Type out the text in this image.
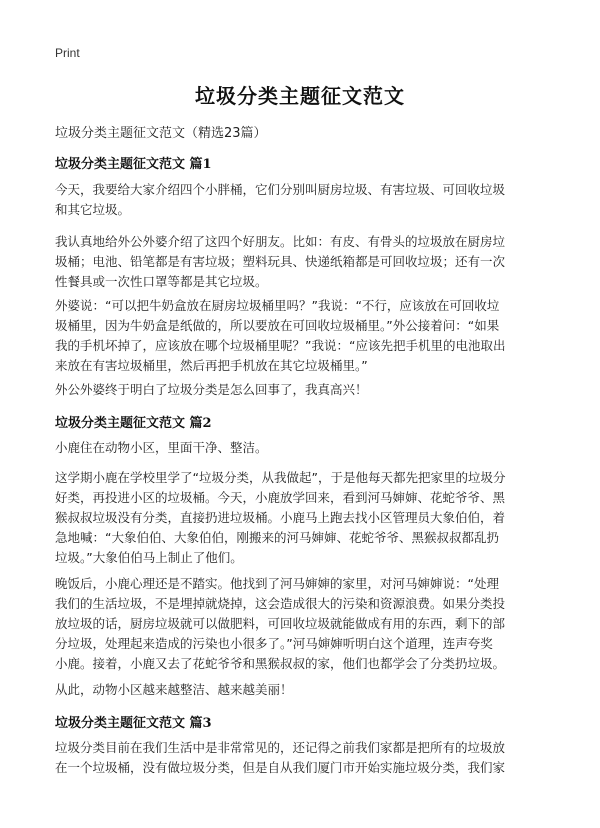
Print
垃圾分类主题征文范文
垃圾分类主题征文范文（精选23篇）
垃圾分类主题征文范文 篇1
今天，我要给大家介绍四个小胖桶，它们分别叫厨房垃圾、有害垃圾、可回收垃圾
和其它垃圾。
我认真地给外公外婆介绍了这四个好朋友。比如：有皮、有骨头的垃圾放在厨房垃
圾桶；电池、铅笔都是有害垃圾；塑料玩具、快递纸箱都是可回收垃圾；还有一次
性餐具或一次性口罩等都是其它垃圾。
外婆说：“可以把牛奶盒放在厨房垃圾桶里吗？”我说：“不行，应该放在可回收垃
圾桶里，因为牛奶盒是纸做的，所以要放在可回收垃圾桶里。”外公接着问：“如果
我的手机坏掉了，应该放在哪个垃圾桶里呢？”我说：“应该先把手机里的电池取出
来放在有害垃圾桶里，然后再把手机放在其它垃圾桶里。”
外公外婆终于明白了垃圾分类是怎么回事了，我真高兴！
垃圾分类主题征文范文 篇2
小鹿住在动物小区，里面干净、整洁。
这学期小鹿在学校里学了“垃圾分类，从我做起”，于是他每天都先把家里的垃圾分
好类，再投进小区的垃圾桶。今天，小鹿放学回来，看到河马婶婶、花蛇爷爷、黑
猴叔叔垃圾没有分类，直接扔进垃圾桶。小鹿马上跑去找小区管理员大象伯伯，着
急地喊：“大象伯伯、大象伯伯，刚搬来的河马婶婶、花蛇爷爷、黑猴叔叔都乱扔
垃圾。”大象伯伯马上制止了他们。
晚饭后，小鹿心理还是不踏实。他找到了河马婶婶的家里，对河马婶婶说：“处理
我们的生活垃圾，不是埋掉就烧掉，这会造成很大的污染和资源浪费。如果分类投
放垃圾的话，厨房垃圾就可以做肥料，可回收垃圾就能做成有用的东西，剩下的部
分垃圾，处理起来造成的污染也小很多了。”河马婶婶听明白这个道理，连声夸奖
小鹿。接着，小鹿又去了花蛇爷爷和黑猴叔叔的家，他们也都学会了分类扔垃圾。
从此，动物小区越来越整洁、越来越美丽！
垃圾分类主题征文范文 篇3
垃圾分类目前在我们生活中是非常常见的，还记得之前我们家都是把所有的垃圾放
在一个垃圾桶，没有做垃圾分类，但是自从我们厦门市开始实施垃圾分类，我们家
